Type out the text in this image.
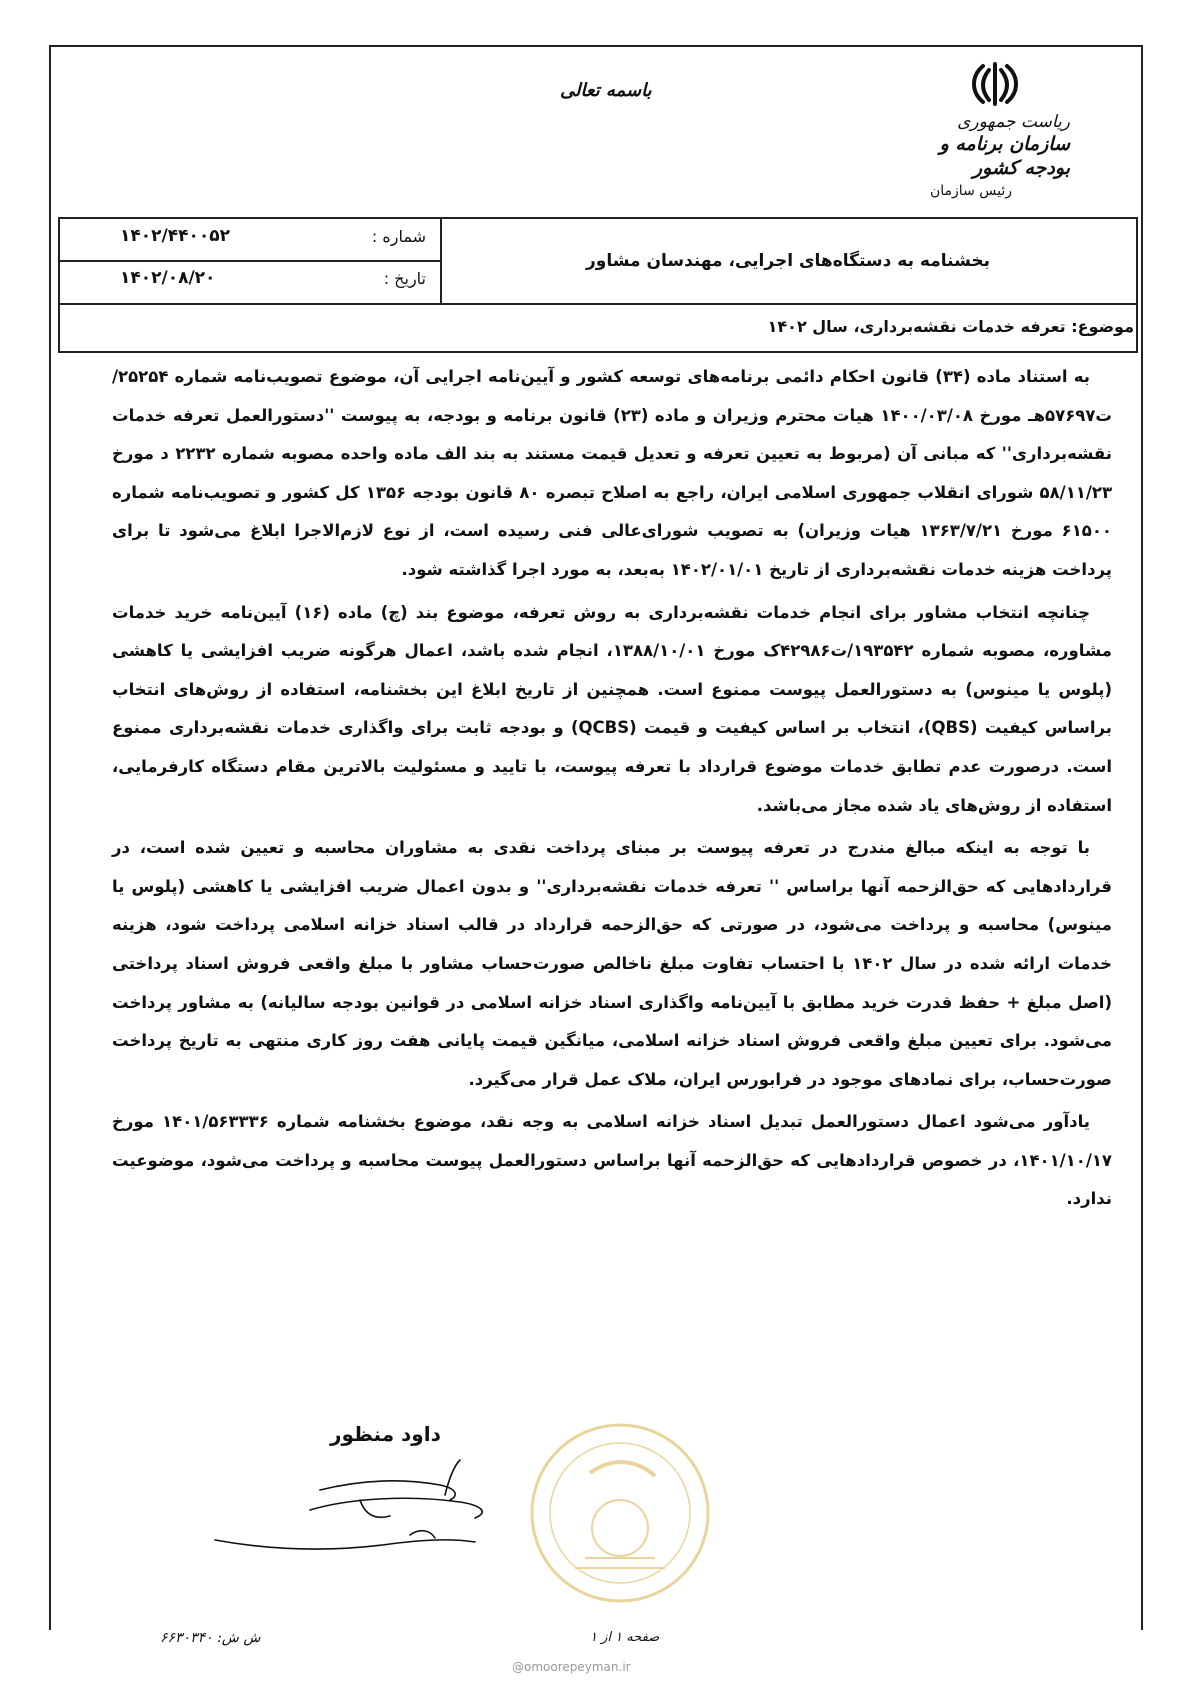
ریاست جمهوری
سازمان برنامه و بودجه کشور
رئیس سازمان
باسمه تعالی
شماره :
۱۴۰۲/۴۴۰۰۵۲
تاریخ :
۱۴۰۲/۰۸/۲۰
بخشنامه به دستگاه‌های اجرایی، مهندسان مشاور
موضوع: تعرفه خدمات نقشه‌برداری، سال ۱۴۰۲

به استناد ماده (۳۴) قانون احکام دائمی برنامه‌های توسعه کشور و آیین‌نامه اجرایی آن، موضوع تصویب‌نامه شماره ۲۵۲۵۴/ت۵۷۶۹۷هـ مورخ ۱۴۰۰/۰۳/۰۸ هیات محترم وزیران و ماده (۲۳) قانون برنامه و بودجه، به پیوست ''دستورالعمل تعرفه خدمات نقشه‌برداری'' که مبانی آن (مربوط به تعیین تعرفه و تعدیل قیمت مستند به بند الف ماده واحده مصوبه شماره ۲۲۳۲ د مورخ ۵۸/۱۱/۲۳ شورای انقلاب جمهوری اسلامی ایران، راجع به اصلاح تبصره ۸۰ قانون بودجه ۱۳۵۶ کل کشور و تصویب‌نامه شماره ۶۱۵۰۰ مورخ ۱۳۶۳/۷/۲۱ هیات وزیران) به تصویب شورای‌عالی فنی رسیده است، از نوع لازم‌الاجرا ابلاغ می‌شود تا برای پرداخت هزینه خدمات نقشه‌برداری از تاریخ ۱۴۰۲/۰۱/۰۱ به‌بعد، به مورد اجرا گذاشته شود.

چنانچه انتخاب مشاور برای انجام خدمات نقشه‌برداری به روش تعرفه، موضوع بند (چ) ماده (۱۶) آیین‌نامه خرید خدمات مشاوره، مصوبه شماره ۱۹۳۵۴۲/ت۴۲۹۸۶ک مورخ ۱۳۸۸/۱۰/۰۱، انجام شده باشد، اعمال هرگونه ضریب افزایشی یا کاهشی (پلوس یا مینوس) به دستورالعمل پیوست ممنوع است. همچنین از تاریخ ابلاغ این بخشنامه، استفاده از روش‌های انتخاب براساس کیفیت (QBS)، انتخاب بر اساس کیفیت و قیمت (QCBS) و بودجه ثابت برای واگذاری خدمات نقشه‌برداری ممنوع است. درصورت عدم تطابق خدمات موضوع قرارداد با تعرفه پیوست، با تایید و مسئولیت بالاترین مقام دستگاه کارفرمایی، استفاده از روش‌های یاد شده مجاز می‌باشد.

با توجه به اینکه مبالغ مندرج در تعرفه پیوست بر مبنای پرداخت نقدی به مشاوران محاسبه و تعیین شده است، در قراردادهایی که حق‌الزحمه آنها براساس '' تعرفه خدمات نقشه‌برداری'' و بدون اعمال ضریب افزایشی یا کاهشی (پلوس یا مینوس) محاسبه و پرداخت می‌شود، در صورتی که حق‌الزحمه قرارداد در قالب اسناد خزانه اسلامی پرداخت شود، هزینه خدمات ارائه شده در سال ۱۴۰۲ با احتساب تفاوت مبلغ ناخالص صورت‌حساب مشاور با مبلغ واقعی فروش اسناد پرداختی (اصل مبلغ + حفظ قدرت خرید مطابق با آیین‌نامه واگذاری اسناد خزانه اسلامی در قوانین بودجه سالیانه) به مشاور پرداخت می‌شود. برای تعیین مبلغ واقعی فروش اسناد خزانه اسلامی، میانگین قیمت پایانی هفت روز کاری منتهی به تاریخ پرداخت صورت‌حساب، برای نمادهای موجود در فرابورس ایران، ملاک عمل قرار می‌گیرد.

یادآور می‌شود اعمال دستورالعمل تبدیل اسناد خزانه اسلامی به وجه نقد، موضوع بخشنامه شماره ۱۴۰۱/۵۶۳۳۳۶ مورخ ۱۴۰۱/۱۰/۱۷، در خصوص قراردادهایی که حق‌الزحمه آنها براساس دستورالعمل پیوست محاسبه و پرداخت می‌شود، موضوعیت ندارد.

داود منظور
ش ش: ۶۶۳۰۳۴۰	صفحه ۱ از ۱
@omoorepeyman.ir
